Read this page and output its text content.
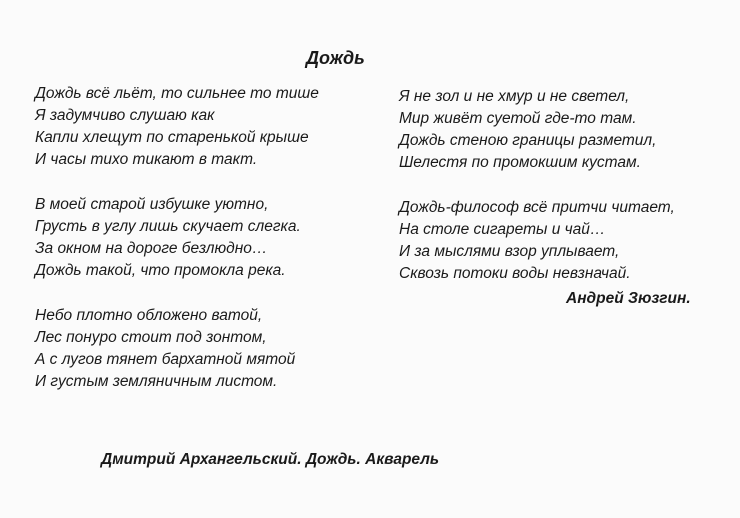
Дождь

Дождь всё льёт, то сильнее то тише
Я задумчиво слушаю как
Капли хлещут по старенькой крыше
И часы тихо тикают в такт.

В моей старой избушке уютно,
Грусть в углу лишь скучает слегка.
За окном на дороге безлюдно…
Дождь такой, что промокла река.

Небо плотно обложено ватой,
Лес понуро стоит под зонтом,
А с лугов тянет бархатной мятой
И густым земляничным листом.

Я не зол и не хмур и не светел,
Мир живёт суетой где-то там.
Дождь стеною границы разметил,
Шелестя по промокшим кустам.

Дождь-философ всё притчи читает,
На столе сигареты и чай…
И за мыслями взор уплывает,
Сквозь потоки воды невзначай.

Андрей Зюзгин.
Дмитрий Архангельский. Дождь. Акварель
